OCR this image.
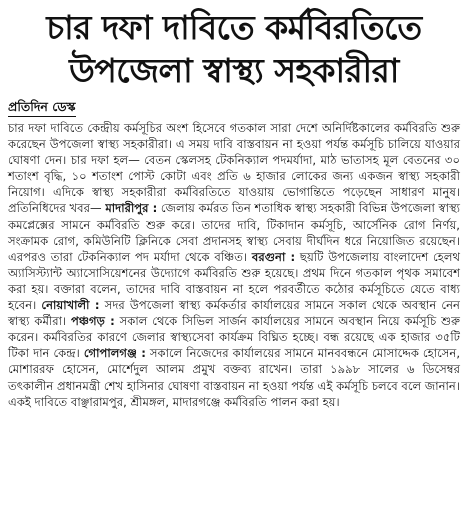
চার দফা দাবিতে কর্মবিরতিতে উপজেলা স্বাস্থ্য সহকারীরা
প্রতিদিন ডেস্ক

চার দফা দাবিতে কেন্দ্রীয় কর্মসূচির অংশ হিসেবে গতকাল সারা দেশে অনির্দিষ্টকালের কর্মবিরতি শুরু করেছেন উপজেলা স্বাস্থ্য সহকারীরা। এ সময় দাবি বাস্তবায়ন না হওয়া পর্যন্ত কর্মসূচি চালিয়ে যাওয়ার ঘোষণা দেন। চার দফা হল— বেতন স্কেলসহ টেকনিক্যাল পদমর্যাদা, মাঠ ভাতাসহ মূল বেতনের ৩০ শতাংশ বৃদ্ধি, ১০ শতাংশ পোস্ট কোটা এবং প্রতি ৬ হাজার লোকের জন্য একজন স্বাস্থ্য সহকারী নিয়োগ। এদিকে স্বাস্থ্য সহকারীরা কর্মবিরতিতে যাওয়ায় ভোগান্তিতে পড়েছেন সাধারণ মানুষ। প্রতিনিধিদের খবর— মাদারীপুর : জেলায় কর্মরত তিন শতাধিক স্বাস্থ্য সহকারী বিভিন্ন উপজেলা স্বাস্থ্য কমপ্লেক্সের সামনে কর্মবিরতি শুরু করে। তাদের দাবি, টিকাদান কর্মসূচি, আর্সেনিক রোগ নির্ণয়, সংক্রামক রোগ, কমিউনিটি ক্লিনিকে সেবা প্রদানসহ স্বাস্থ্য সেবায় দীর্ঘদিন ধরে নিয়োজিত রয়েছেন। এরপরও তারা টেকনিক্যাল পদ মর্যাদা থেকে বঞ্চিত। বরগুনা : ছয়টি উপজেলায় বাংলাদেশ হেলথ অ্যাসিস্ট্যান্ট অ্যাসোসিয়েশনের উদ্যোগে কর্মবিরতি শুরু হয়েছে। প্রথম দিনে গতকাল পৃথক সমাবেশ করা হয়। বক্তারা বলেন, তাদের দাবি বাস্তবায়ন না হলে পরবর্তীতে কঠোর কর্মসূচিতে যেতে বাধ্য হবেন। নোয়াখালী : সদর উপজেলা স্বাস্থ্য কর্মকর্তার কার্যালয়ের সামনে সকাল থেকে অবস্থান নেন স্বাস্থ্য কর্মীরা। পঞ্চগড় : সকাল থেকে সিভিল সার্জন কার্যালয়ের সামনে অবস্থান নিয়ে কর্মসূচি শুরু করেন। কর্মবিরতির কারণে জেলার স্বাস্থ্যসেবা কার্যক্রম বিঘ্নিত হচ্ছে। বন্ধ রয়েছে এক হাজার ৩৫টি টিকা দান কেন্দ্র। গোপালগঞ্জ : সকালে নিজেদের কার্যালয়ের সামনে মানববন্ধনে মোসাদ্দেক হোসেন, মোশাররফ হোসেন, মোর্শেদুল আলম প্রমুখ বক্তব্য রাখেন। তারা ১৯৯৮ সালের ৬ ডিসেম্বর তৎকালীন প্রধানমন্ত্রী শেখ হাসিনার ঘোষণা বাস্তবায়ন না হওয়া পর্যন্ত এই কর্মসূচি চলবে বলে জানান। একই দাবিতে বাঞ্ছারামপুর, শ্রীমঙ্গল, মাদারগঞ্জে কর্মবিরতি পালন করা হয়।
